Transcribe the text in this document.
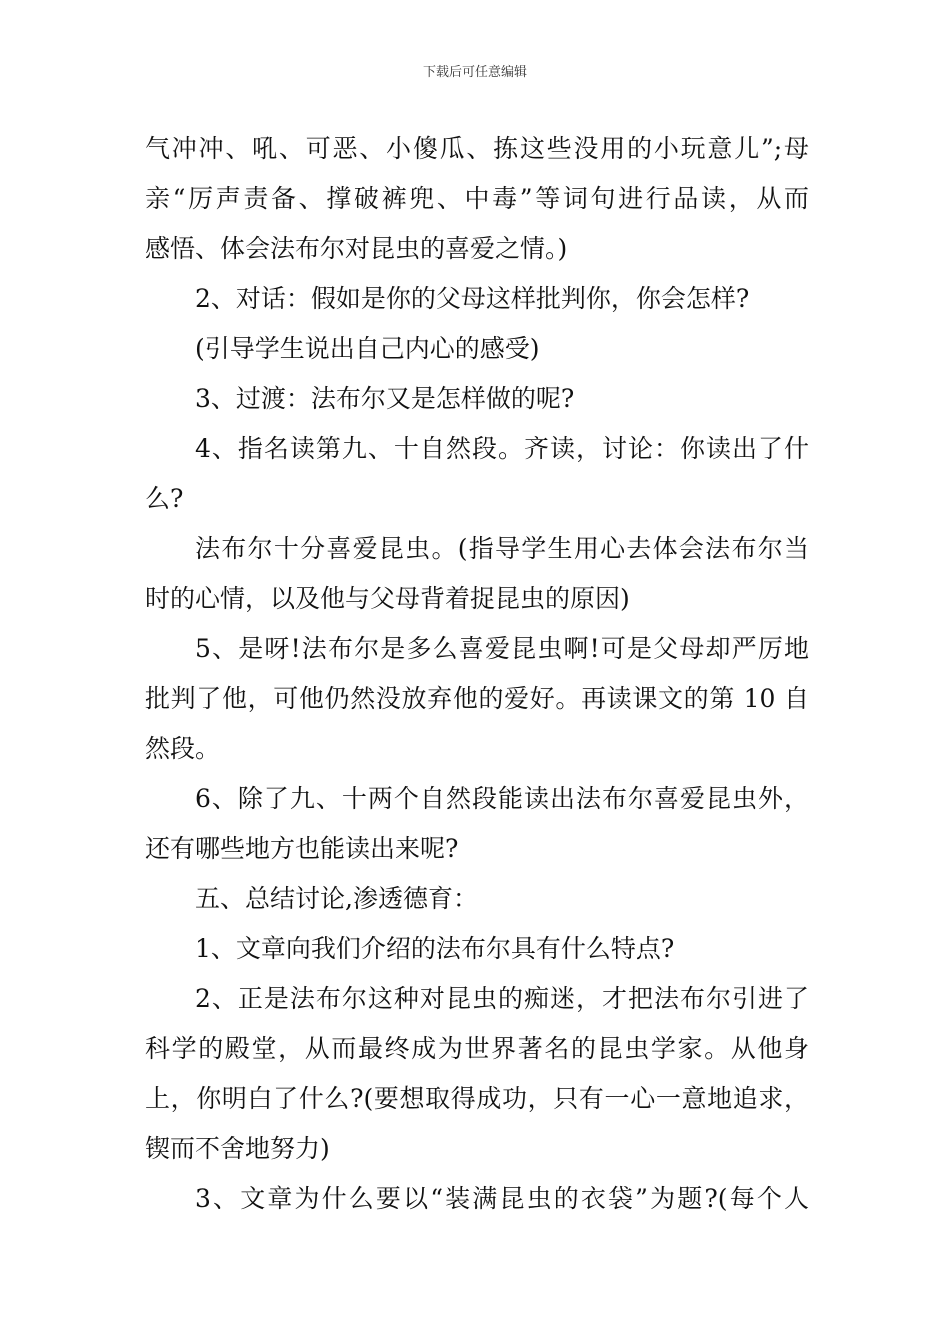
下载后可任意编辑
气冲冲、吼、可恶、小傻瓜、拣这些没用的小玩意儿”;母
亲“厉声责备、撑破裤兜、中毒”等词句进行品读，从而
感悟、体会法布尔对昆虫的喜爱之情。)
2、对话：假如是你的父母这样批判你，你会怎样?
(引导学生说出自己内心的感受)
3、过渡：法布尔又是怎样做的呢?
4、指名读第九、十自然段。齐读，讨论：你读出了什
么?
法布尔十分喜爱昆虫。(指导学生用心去体会法布尔当
时的心情，以及他与父母背着捉昆虫的原因)
5、是呀!法布尔是多么喜爱昆虫啊!可是父母却严厉地
批判了他，可他仍然没放弃他的爱好。再读课文的第 10 自
然段。
6、除了九、十两个自然段能读出法布尔喜爱昆虫外，
还有哪些地方也能读出来呢?
五、总结讨论,渗透德育：
1、文章向我们介绍的法布尔具有什么特点?
2、正是法布尔这种对昆虫的痴迷，才把法布尔引进了
科学的殿堂，从而最终成为世界著名的昆虫学家。从他身
上，你明白了什么?(要想取得成功，只有一心一意地追求，
锲而不舍地努力)
3、文章为什么要以“装满昆虫的衣袋”为题?(每个人
